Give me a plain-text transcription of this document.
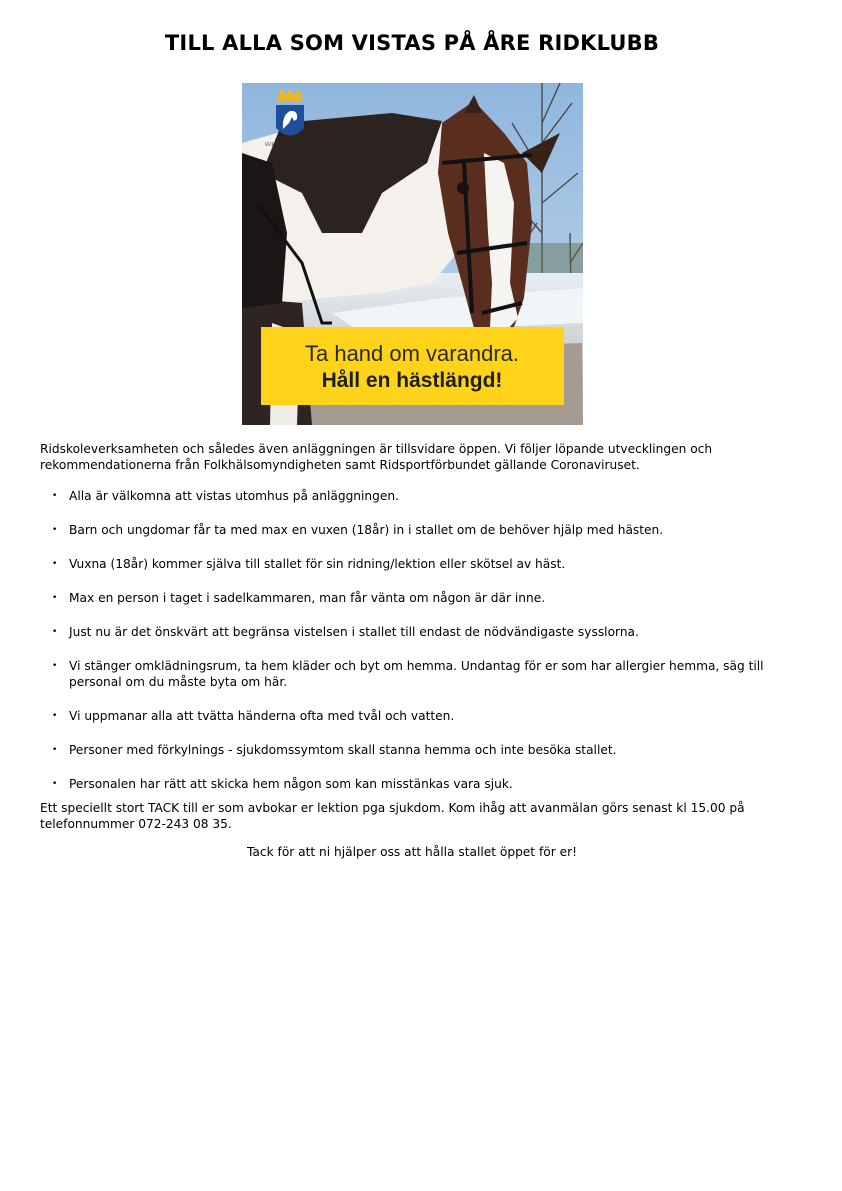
TILL ALLA SOM VISTAS PÅ ÅRE RIDKLUBB
SVENSKA RIDSPORT
FÖRBUNDET
Ta hand om varandra.
Håll en hästlängd!

Ridskoleverksamheten och således även anläggningen är tillsvidare öppen. Vi följer löpande utvecklingen och rekommendationerna från Folkhälsomyndigheten samt Ridsportförbundet gällande Coronaviruset.

• Alla är välkomna att vistas utomhus på anläggningen.
• Barn och ungdomar får ta med max en vuxen (18år) in i stallet om de behöver hjälp med hästen.
• Vuxna (18år) kommer själva till stallet för sin ridning/lektion eller skötsel av häst.
• Max en person i taget i sadelkammaren, man får vänta om någon är där inne.
• Just nu är det önskvärt att begränsa vistelsen i stallet till endast de nödvändigaste sysslorna.
• Vi stänger omklädningsrum, ta hem kläder och byt om hemma. Undantag för er som har allergier hemma, säg till personal om du måste byta om här.
• Vi uppmanar alla att tvätta händerna ofta med tvål och vatten.
• Personer med förkylnings - sjukdomssymtom skall stanna hemma och inte besöka stallet.
• Personalen har rätt att skicka hem någon som kan misstänkas vara sjuk.

Ett speciellt stort TACK till er som avbokar er lektion pga sjukdom. Kom ihåg att avanmälan görs senast kl 15.00 på telefonnummer 072-243 08 35.

Tack för att ni hjälper oss att hålla stallet öppet för er!
